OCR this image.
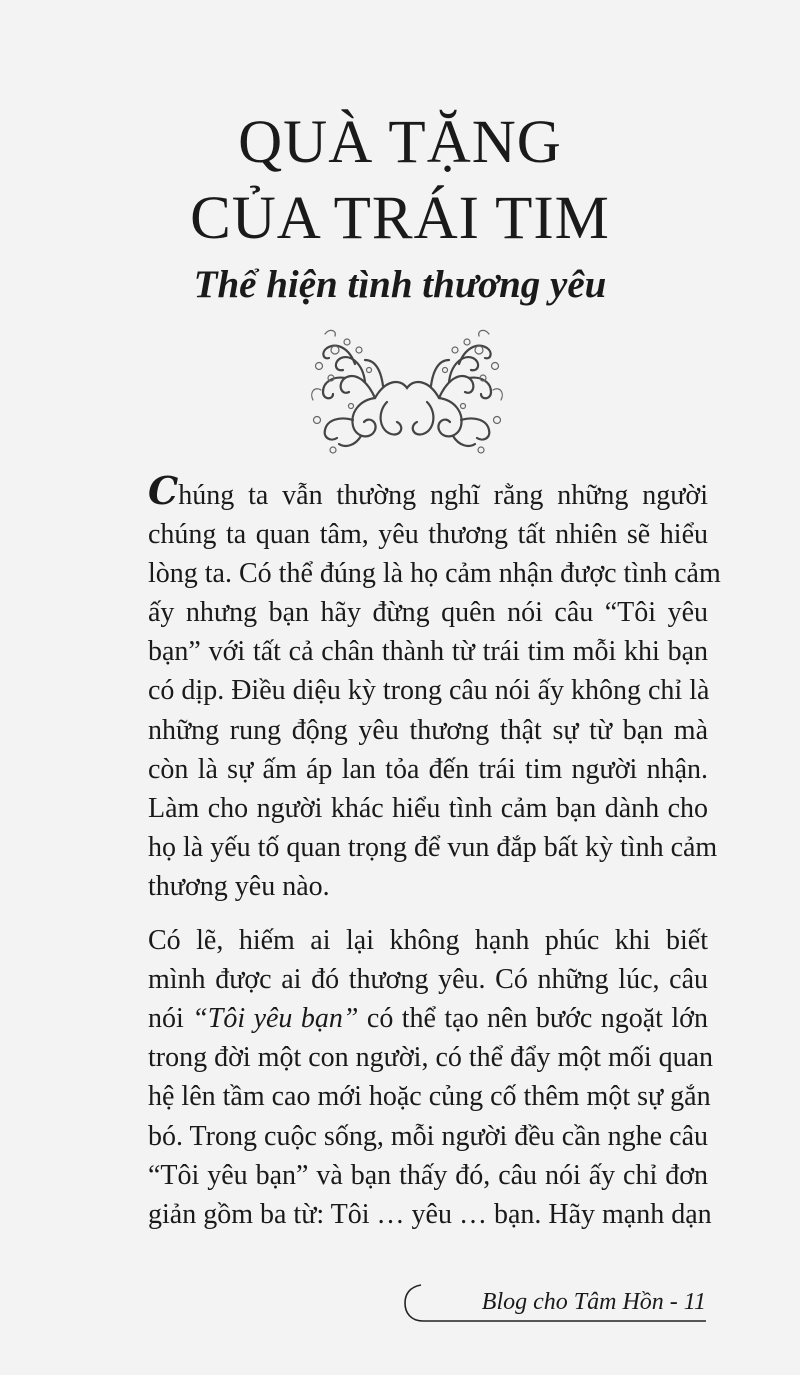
QUÀ TẶNG
CỦA TRÁI TIM
Thể hiện tình thương yêu

Chúng ta vẫn thường nghĩ rằng những người
chúng ta quan tâm, yêu thương tất nhiên sẽ hiểu
lòng ta. Có thể đúng là họ cảm nhận được tình cảm
ấy nhưng bạn hãy đừng quên nói câu “Tôi yêu
bạn” với tất cả chân thành từ trái tim mỗi khi bạn
có dịp. Điều diệu kỳ trong câu nói ấy không chỉ là
những rung động yêu thương thật sự từ bạn mà
còn là sự ấm áp lan tỏa đến trái tim người nhận.
Làm cho người khác hiểu tình cảm bạn dành cho
họ là yếu tố quan trọng để vun đắp bất kỳ tình cảm
thương yêu nào.

Có lẽ, hiếm ai lại không hạnh phúc khi biết
mình được ai đó thương yêu. Có những lúc, câu
nói “Tôi yêu bạn” có thể tạo nên bước ngoặt lớn
trong đời một con người, có thể đẩy một mối quan
hệ lên tầm cao mới hoặc củng cố thêm một sự gắn
bó. Trong cuộc sống, mỗi người đều cần nghe câu
“Tôi yêu bạn” và bạn thấy đó, câu nói ấy chỉ đơn
giản gồm ba từ: Tôi … yêu … bạn. Hãy mạnh dạn

Blog cho Tâm Hồn - 11
